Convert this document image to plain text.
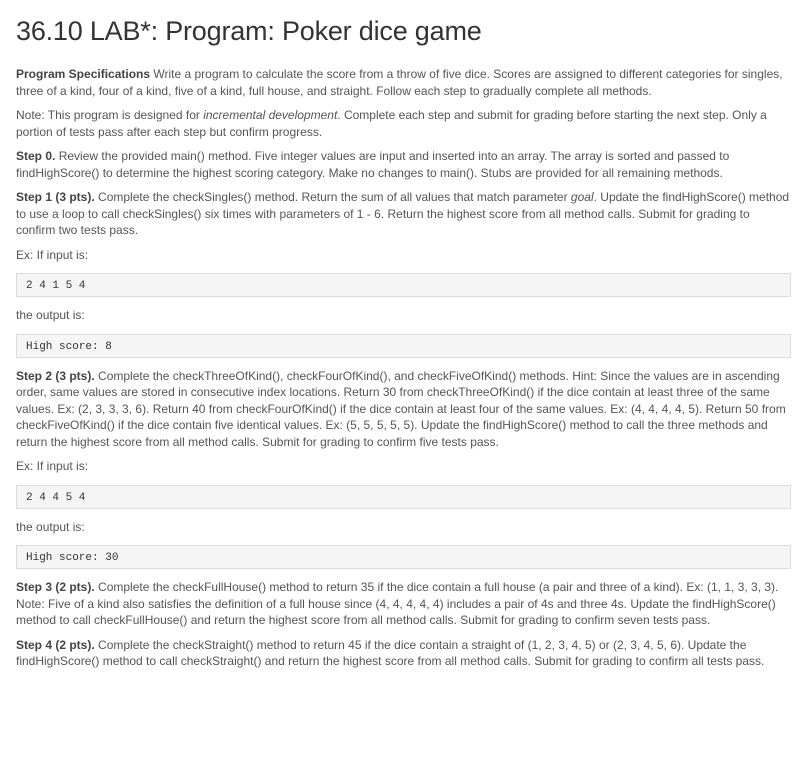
36.10 LAB*: Program: Poker dice game

Program Specifications Write a program to calculate the score from a throw of five dice. Scores are assigned to different categories for singles, three of a kind, four of a kind, five of a kind, full house, and straight. Follow each step to gradually complete all methods.

Note: This program is designed for incremental development. Complete each step and submit for grading before starting the next step. Only a portion of tests pass after each step but confirm progress.

Step 0. Review the provided main() method. Five integer values are input and inserted into an array. The array is sorted and passed to findHighScore() to determine the highest scoring category. Make no changes to main(). Stubs are provided for all remaining methods.

Step 1 (3 pts). Complete the checkSingles() method. Return the sum of all values that match parameter goal. Update the findHighScore() method to use a loop to call checkSingles() six times with parameters of 1 - 6. Return the highest score from all method calls. Submit for grading to confirm two tests pass.

Ex: If input is:

2 4 1 5 4

the output is:

High score: 8

Step 2 (3 pts). Complete the checkThreeOfKind(), checkFourOfKind(), and checkFiveOfKind() methods. Hint: Since the values are in ascending order, same values are stored in consecutive index locations. Return 30 from checkThreeOfKind() if the dice contain at least three of the same values. Ex: (2, 3, 3, 3, 6). Return 40 from checkFourOfKind() if the dice contain at least four of the same values. Ex: (4, 4, 4, 4, 5). Return 50 from checkFiveOfKind() if the dice contain five identical values. Ex: (5, 5, 5, 5, 5). Update the findHighScore() method to call the three methods and return the highest score from all method calls. Submit for grading to confirm five tests pass.

Ex: If input is:

2 4 4 5 4

the output is:

High score: 30

Step 3 (2 pts). Complete the checkFullHouse() method to return 35 if the dice contain a full house (a pair and three of a kind). Ex: (1, 1, 3, 3, 3). Note: Five of a kind also satisfies the definition of a full house since (4, 4, 4, 4, 4) includes a pair of 4s and three 4s. Update the findHighScore() method to call checkFullHouse() and return the highest score from all method calls. Submit for grading to confirm seven tests pass.

Step 4 (2 pts). Complete the checkStraight() method to return 45 if the dice contain a straight of (1, 2, 3, 4, 5) or (2, 3, 4, 5, 6). Update the findHighScore() method to call checkStraight() and return the highest score from all method calls. Submit for grading to confirm all tests pass.
